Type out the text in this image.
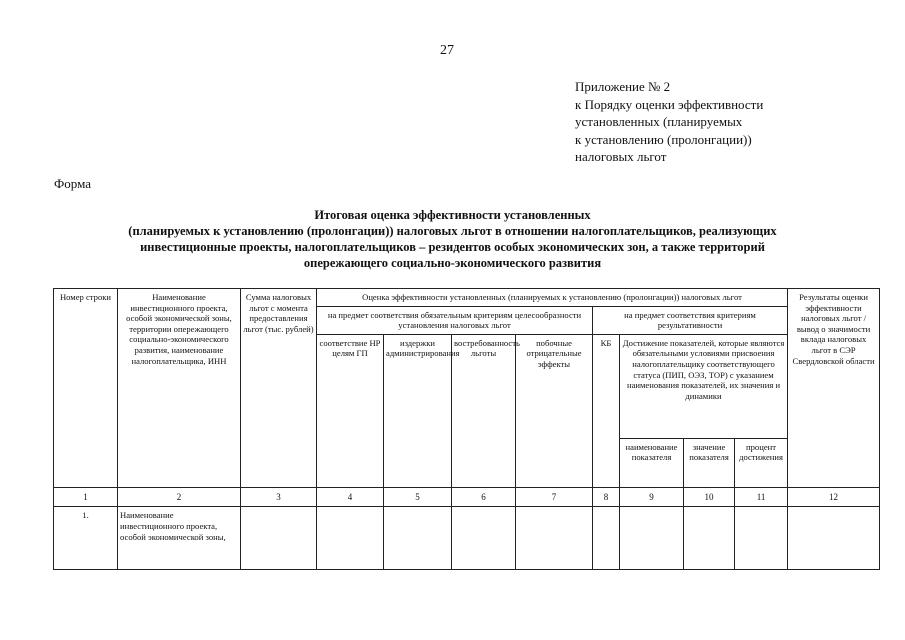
27
Приложение № 2
к Порядку оценки эффективности
установленных (планируемых
к установлению (пролонгации))
налоговых льгот
Форма
Итоговая оценка эффективности установленных
(планируемых к установлению (пролонгации)) налоговых льгот в отношении налогоплательщиков, реализующих
инвестиционные проекты, налогоплательщиков – резидентов особых экономических зон, а также территорий
опережающего социально-экономического развития
Номер строки	Наименование инвестиционного проекта, особой экономической зоны, территории опережающего социально-экономического развития, наименование налогоплательщика, ИНН	Сумма налоговых льгот с момента предоставления льгот (тыс. рублей)	Оценка эффективности установленных (планируемых к установлению (пролонгации)) налоговых льгот								Результаты оценки эффективности налоговых льгот /вывод о значимости вклада налоговых льгот в СЭР Свердловской области
			на предмет соответствия обязательным критериям целесообразности установления налоговых льгот				на предмет соответствия критериям результативности				
			соответствие НР целям ГП	издержки администрирования	востребованность льготы	побочные отрицательные эффекты	КБ	Достижение показателей, которые являются обязательными условиями присвоения налогоплательщику соответствующего статуса (ПИП, ОЭЗ, ТОР) с указанием наименования показателей, их значения и динамики			
								наименование показателя	значение показателя	процент достижения	
1	2	3	4	5	6	7	8	9	10	11	12
1.	Наименование инвестиционного проекта, особой экономической зоны,										
